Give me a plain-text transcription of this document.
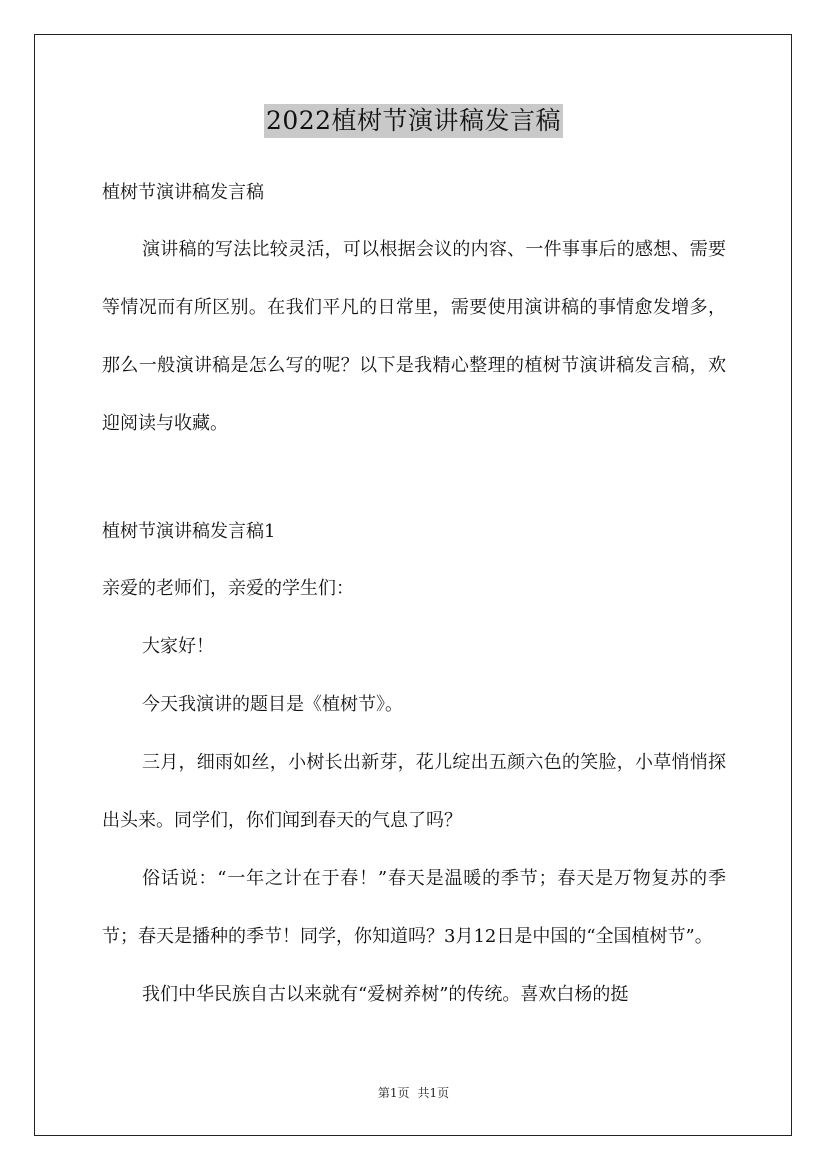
2022植树节演讲稿发言稿

植树节演讲稿发言稿

演讲稿的写法比较灵活，可以根据会议的内容、一件事事后的感想、需要等情况而有所区别。在我们平凡的日常里，需要使用演讲稿的事情愈发增多，那么一般演讲稿是怎么写的呢？以下是我精心整理的植树节演讲稿发言稿，欢迎阅读与收藏。

植树节演讲稿发言稿1

亲爱的老师们，亲爱的学生们：

大家好！

今天我演讲的题目是《植树节》。

三月，细雨如丝，小树长出新芽，花儿绽出五颜六色的笑脸，小草悄悄探出头来。同学们，你们闻到春天的气息了吗？

俗话说：“一年之计在于春！”春天是温暖的季节；春天是万物复苏的季节；春天是播种的季节！同学，你知道吗？3月12日是中国的“全国植树节”。

我们中华民族自古以来就有“爱树养树”的传统。喜欢白杨的挺

第1页 共1页
